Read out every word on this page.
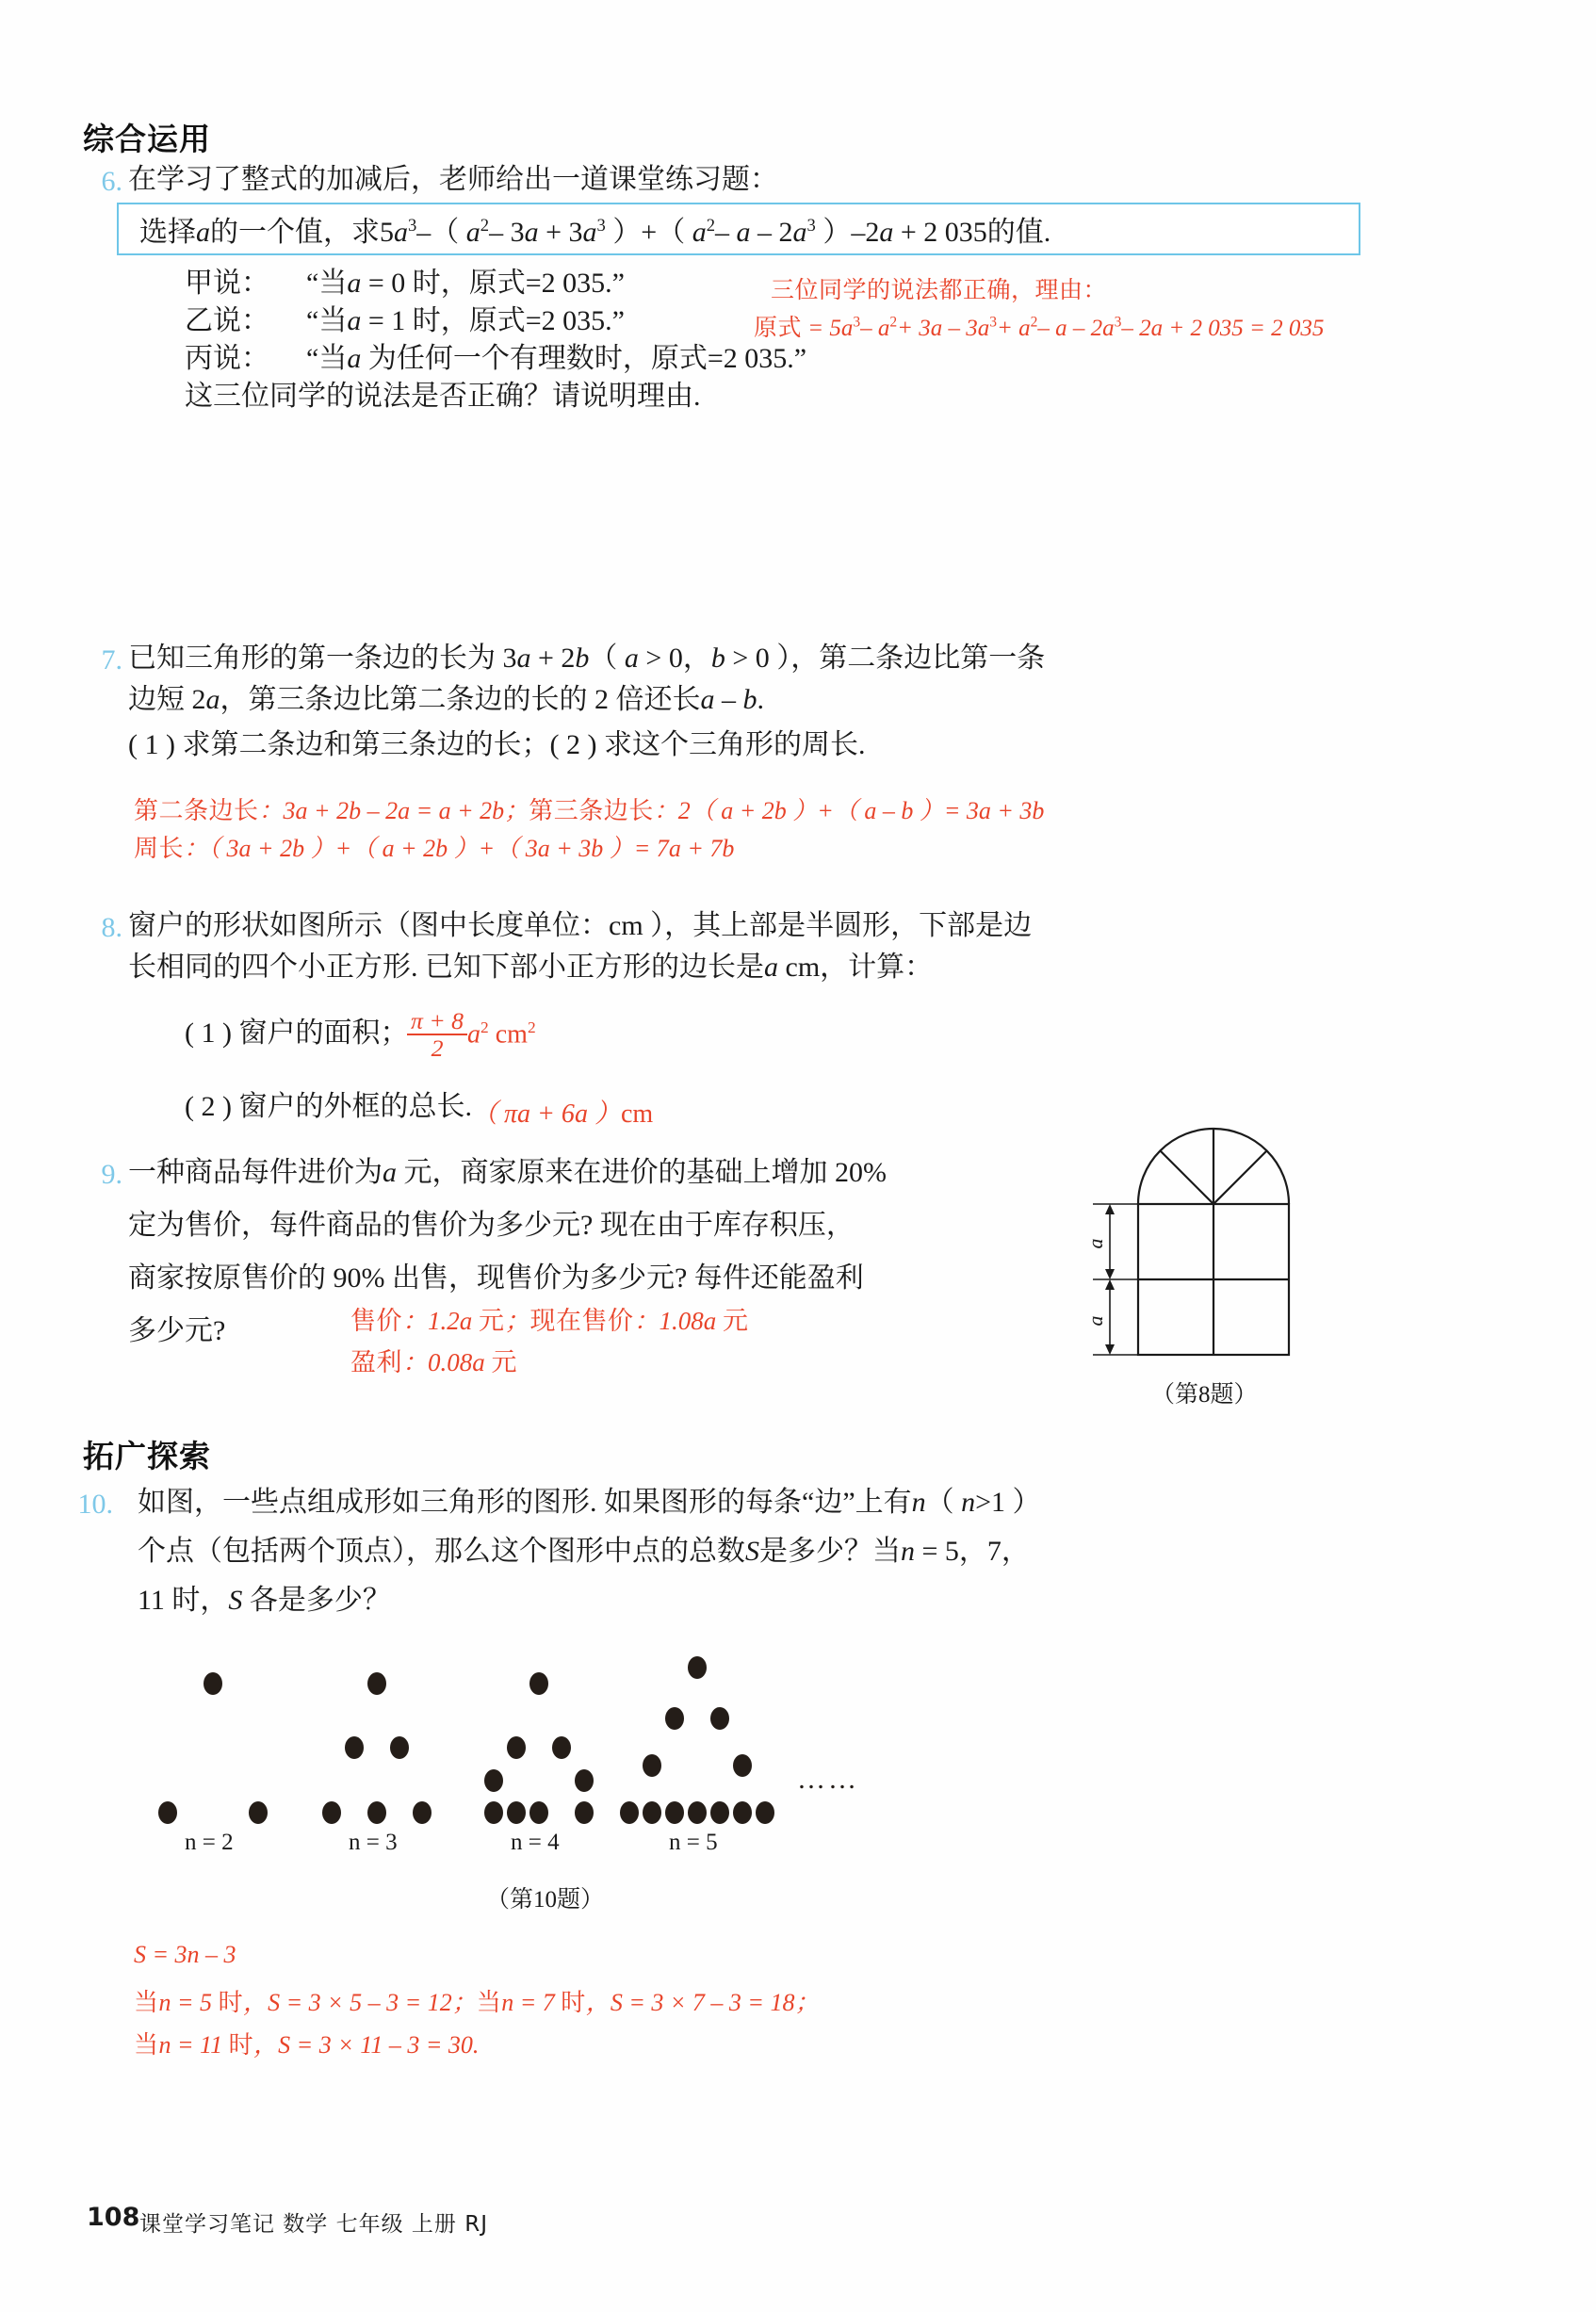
综合运用
6. 在学习了整式的加减后，老师给出一道课堂练习题：
选择a的一个值，求$5a^3-$（ $a^2-$ $3a + 3a^3$ ）+（ $a^2-$ a – $2a^3$ ）–2a + 2 035的值.
甲说： “当a = 0 时，原式=2 035.”
乙说： “当a = 1 时，原式=2 035.”
丙说： “当a 为任何一个有理数时，原式=2 035.”
这三位同学的说法是否正确？请说明理由.
三位同学的说法都正确，理由：
原式 = $5a^3-$ $a^2+ 3a - 3a^3+ a^2-$ a – $2a^3-$ 2a + 2 035 = 2 035
7. 已知三角形的第一条边的长为 3a + 2b（ a > 0，b > 0 ），第二条边比第一条
边短 2a，第三条边比第二条边的长的 2 倍还长a – b.
( 1 ) 求第二条边和第三条边的长；( 2 ) 求这个三角形的周长.
第二条边长：3a + 2b – 2a = a + 2b；第三条边长：2（ a + 2b ）+（ a – b ）= 3a + 3b
周长：（ 3a + 2b ）+（ a + 2b ）+（ 3a + 3b ）= 7a + 7b
8. 窗户的形状如图所示（图中长度单位：cm ），其上部是半圆形，下部是边
长相同的四个小正方形. 已知下部小正方形的边长是a cm，计算：
( 1 ) 窗户的面积；
$\frac{\pi + 8}{2} a^2$ $cm^2$
( 2 ) 窗户的外框的总长. （ πa + 6a ）cm
a
a
（第8题）
9. 一种商品每件进价为a 元，商家原来在进价的基础上增加 20%
定为售价，每件商品的售价为多少元? 现在由于库存积压，
商家按原售价的 90% 出售，现售价为多少元? 每件还能盈利
多少元?	售价：1.2a 元；现在售价：1.08a 元
盈利：0.08a 元
拓广探索
10. 如图，一些点组成形如三角形的图形. 如果图形的每条“边”上有n（ n>1 ）
个点（包括两个顶点），那么这个图形中点的总数S是多少？当n = 5，7，
11 时，S 各是多少？
n = 2	n = 3	n = 4	n = 5
……
（第10题）
S = 3n – 3
当n = 5 时，S = 3 × 5 – 3 = 12；当n = 7 时，S = 3 × 7 – 3 = 18；
当n = 11 时，S = 3 × 11 – 3 = 30.
108 课堂学习笔记 数学 七年级 上册 RJ
